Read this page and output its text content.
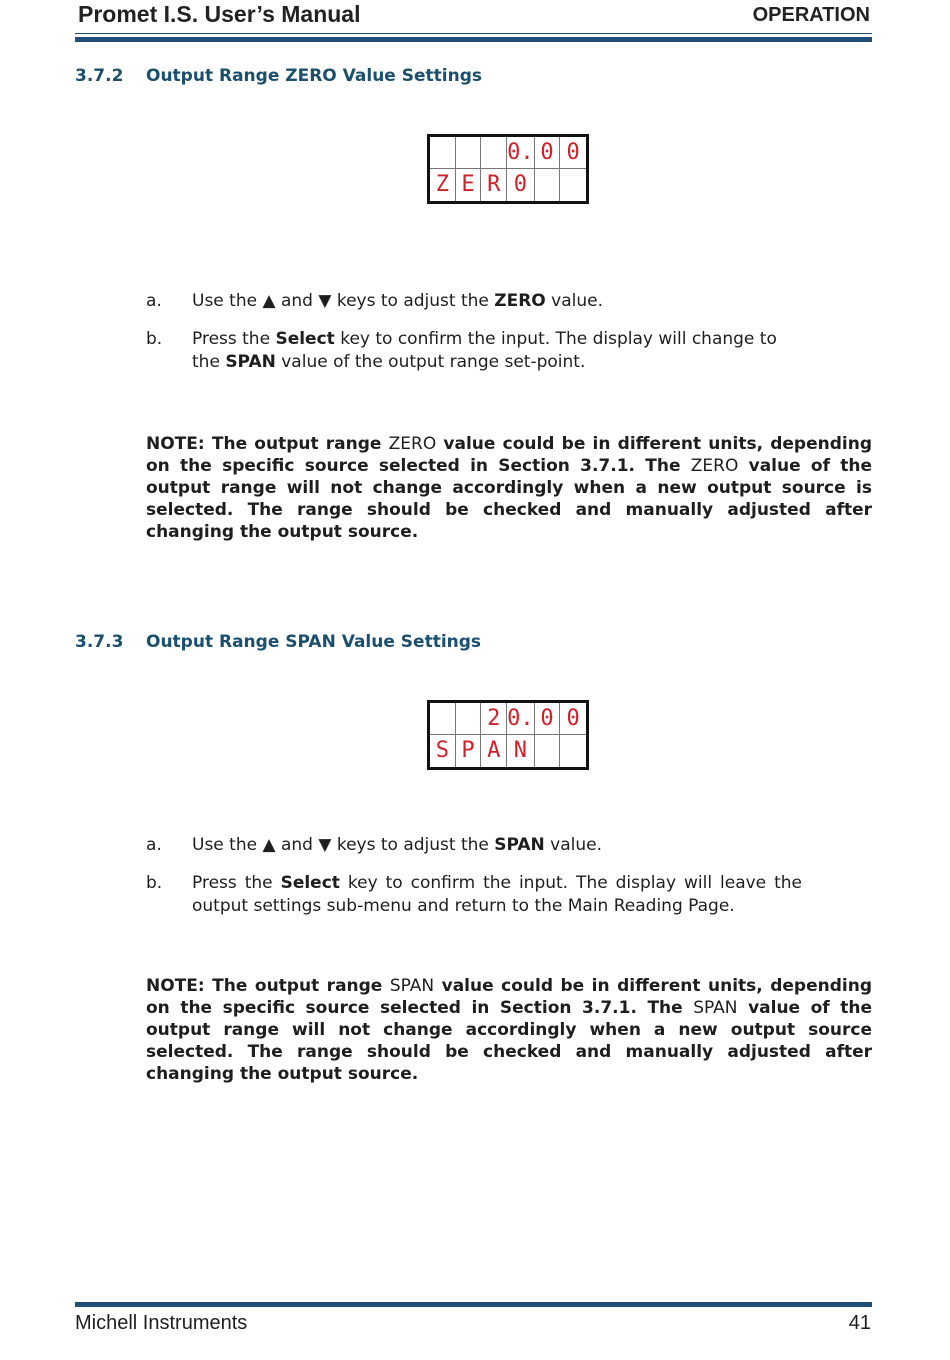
Promet I.S. User’s Manual	OPERATION
3.7.2 Output Range ZERO Value Settings
0. 0 0
Z E R 0
a. Use the ▲ and ▼ keys to adjust the ZERO value.
b. Press the Select key to confirm the input. The display will change to the SPAN value of the output range set-point.
NOTE: The output range ZERO value could be in different units, depending on the specific source selected in Section 3.7.1. The ZERO value of the output range will not change accordingly when a new output source is selected. The range should be checked and manually adjusted after changing the output source.
3.7.3 Output Range SPAN Value Settings
2 0. 0 0
S P A N
a. Use the ▲ and ▼ keys to adjust the SPAN value.
b. Press the Select key to confirm the input. The display will leave the output settings sub-menu and return to the Main Reading Page.
NOTE: The output range SPAN value could be in different units, depending on the specific source selected in Section 3.7.1. The SPAN value of the output range will not change accordingly when a new output source selected. The range should be checked and manually adjusted after changing the output source.
Michell Instruments	41
